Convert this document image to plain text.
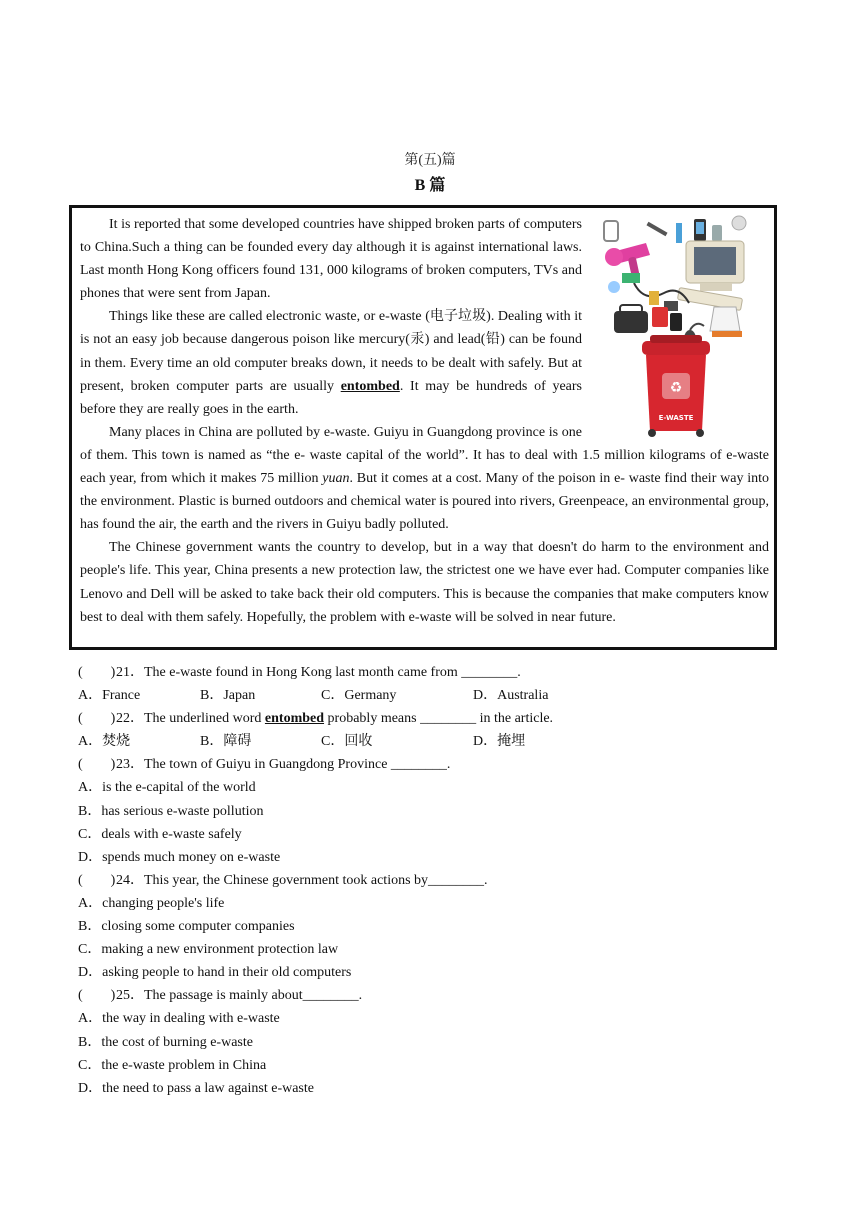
第(五)篇
B 篇
♻
E-WASTE

It is reported that some developed countries have shipped broken parts of computers to China.Such a thing can be founded every day although it is against international laws. Last month Hong Kong officers found 131, 000 kilograms of broken computers, TVs and phones that were sent from Japan.

Things like these are called electronic waste, or e-waste (电子垃圾). Dealing with it is not an easy job because dangerous poison like mercury(汞) and lead(铅) can be found in them. Every time an old computer breaks down, it needs to be dealt with safely. But at present, broken computer parts are usually entombed. It may be hundreds of years before they are really goes in the earth.

Many places in China are polluted by e-waste. Guiyu in Guangdong province is one of them. This town is named as “the e- waste capital of the world”. It has to deal with 1.5 million kilograms of e-waste each year, from which it makes 75 million yuan. But it comes at a cost. Many of the poison in e- waste find their way into the environment. Plastic is burned outdoors and chemical water is poured into rivers, Greenpeace, an environmental group, has found the air, the earth and the rivers in Guiyu badly polluted.

The Chinese government wants the country to develop, but in a way that doesn't do harm to the environment and people's life. This year, China presents a new protection law, the strictest one we have ever had. Computer companies like Lenovo and Dell will be asked to take back their old computers. This is because the companies that make computers know best to deal with them safely. Hopefully, the problem with e-waste will be solved in near future.

( )21．The e-waste found in Hong Kong last month came from ________.
A．France	B．Japan	C．Germany	D．Australia
( )22．The underlined word entombed probably means ________ in the article.
A．焚烧	B．障碍	C．回收	D．掩埋
( )23．The town of Guiyu in Guangdong Province ________.
A．is the e-capital of the world
B．has serious e-waste pollution
C．deals with e-waste safely
D．spends much money on e-waste
( )24．This year, the Chinese government took actions by________.
A．changing people's life
B．closing some computer companies
C．making a new environment protection law
D．asking people to hand in their old computers
( )25．The passage is mainly about________.
A．the way in dealing with e-waste
B．the cost of burning e-waste
C．the e-waste problem in China
D．the need to pass a law against e-waste
